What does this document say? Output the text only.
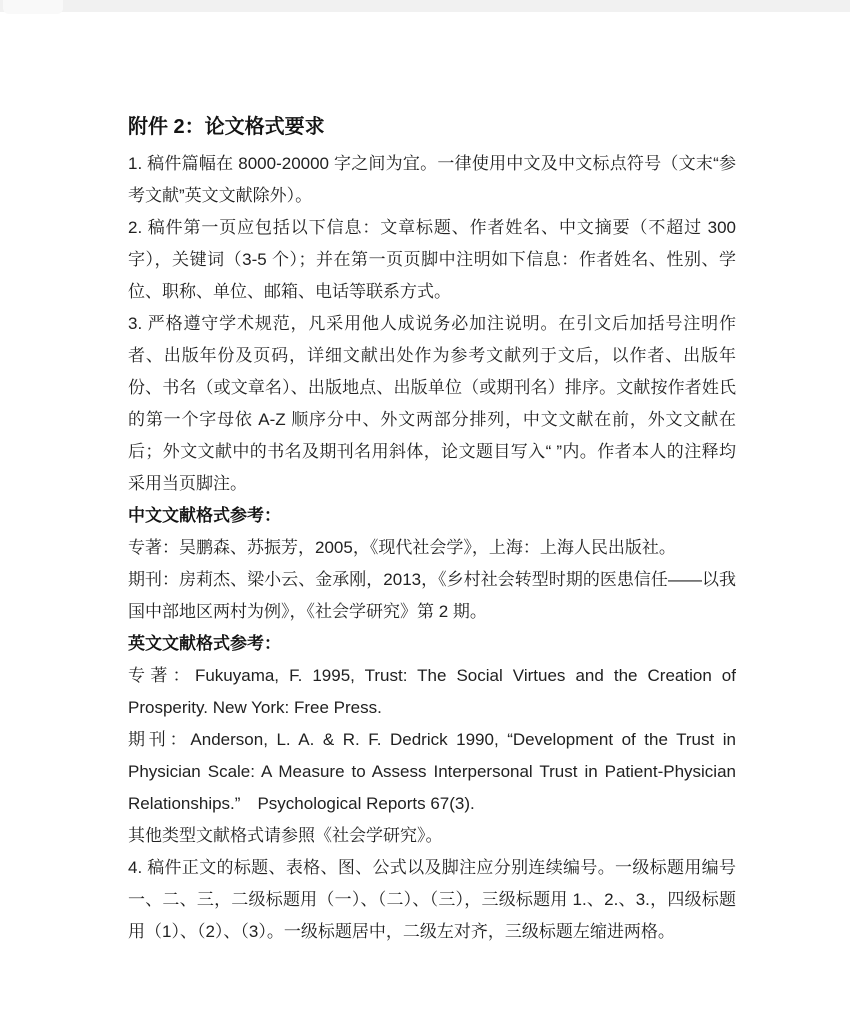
附件 2：论文格式要求

1. 稿件篇幅在 8000-20000 字之间为宜。一律使用中文及中文标点符号（文末“参考文献”英文文献除外）。

2. 稿件第一页应包括以下信息：文章标题、作者姓名、中文摘要（不超过 300 字），关键词（3-5 个）；并在第一页页脚中注明如下信息：作者姓名、性别、学位、职称、单位、邮箱、电话等联系方式。

3. 严格遵守学术规范，凡采用他人成说务必加注说明。在引文后加括号注明作者、出版年份及页码，详细文献出处作为参考文献列于文后，以作者、出版年份、书名（或文章名）、出版地点、出版单位（或期刊名）排序。文献按作者姓氏的第一个字母依 A-Z 顺序分中、外文两部分排列，中文文献在前，外文文献在后；外文文献中的书名及期刊名用斜体，论文题目写入“ ”内。作者本人的注释均采用当页脚注。

中文文献格式参考：

专著：吴鹏森、苏振芳，2005，《现代社会学》，上海：上海人民出版社。

期刊：房莉杰、梁小云、金承刚，2013，《乡村社会转型时期的医患信任——以我国中部地区两村为例》，《社会学研究》第 2 期。

英文文献格式参考：

专著：Fukuyama, F. 1995, Trust: The Social Virtues and the Creation of Prosperity. New York: Free Press.

期刊：Anderson, L. A. & R. F. Dedrick 1990, “Development of the Trust in Physician Scale: A Measure to Assess Interpersonal Trust in Patient-Physician Relationships.”　Psychological Reports 67(3).

其他类型文献格式请参照《社会学研究》。

4. 稿件正文的标题、表格、图、公式以及脚注应分别连续编号。一级标题用编号一、二、三，二级标题用（一）、（二）、（三），三级标题用 1.、2.、3.，四级标题用（1）、（2）、（3）。一级标题居中，二级左对齐，三级标题左缩进两格。
